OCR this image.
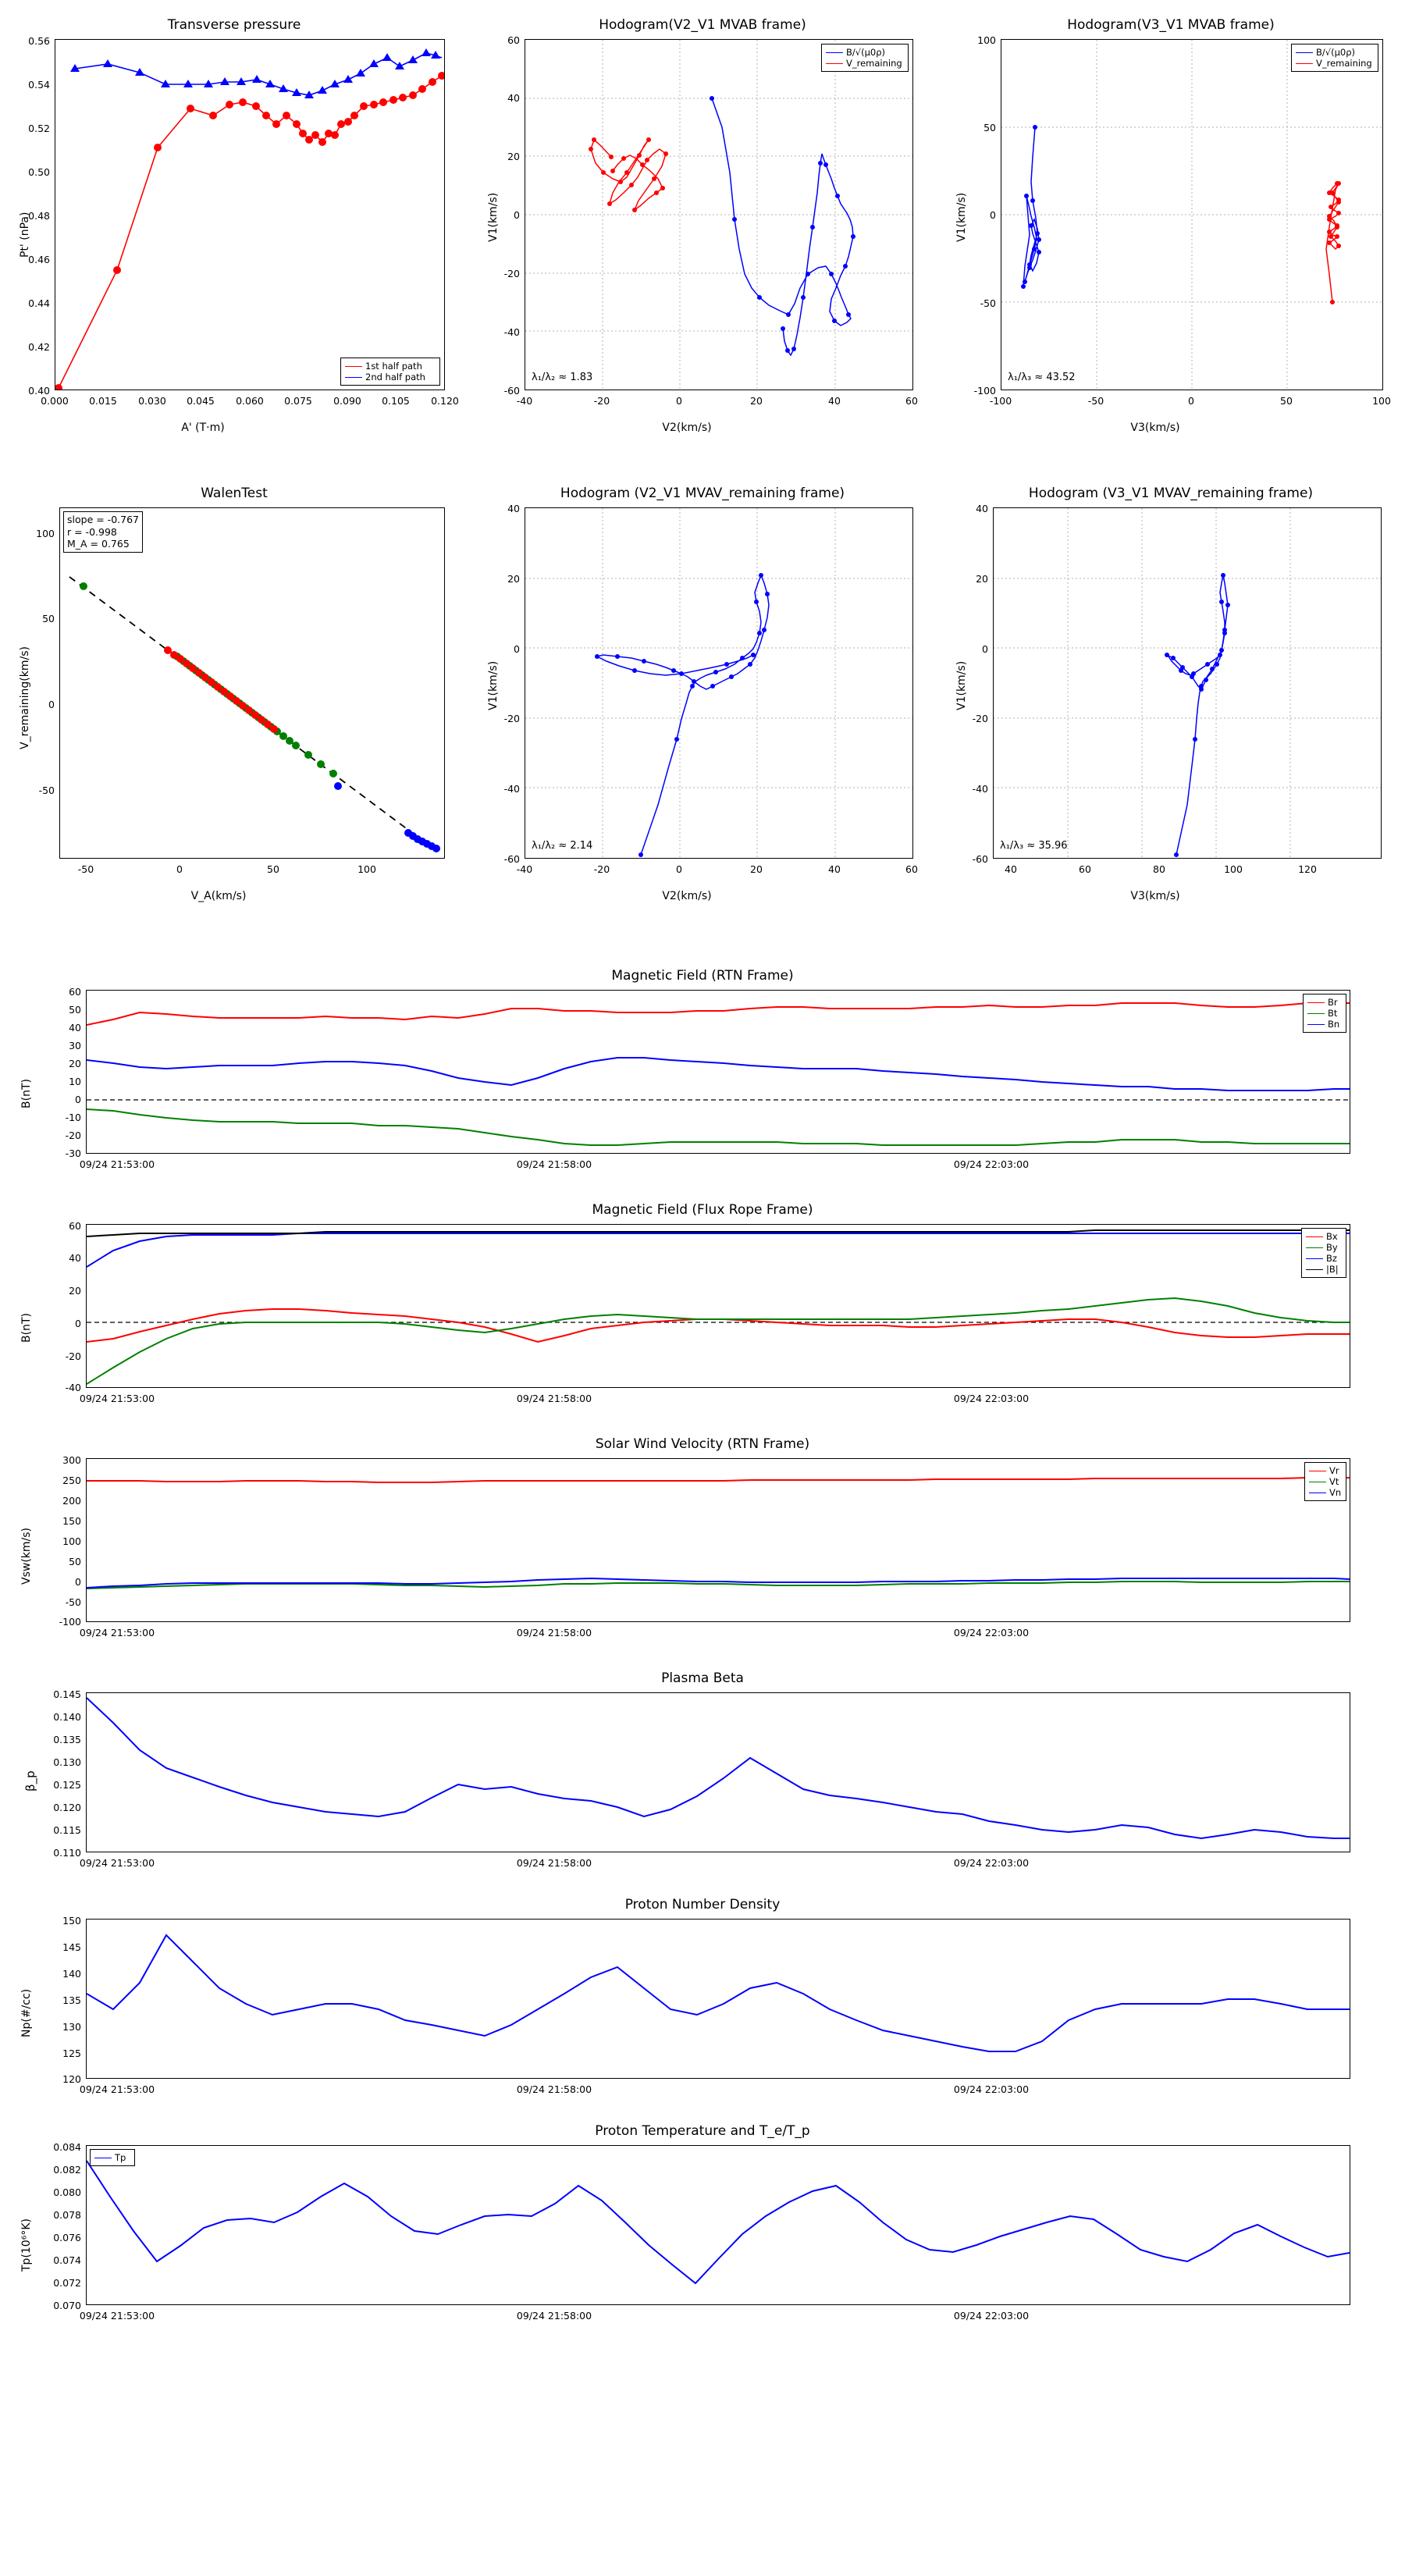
Transverse pressure
Pt' (nPa)
A' (T·m)
1st half path
2nd half path
0.40
0.42
0.44
0.46
0.48
0.50
0.52
0.54
0.56
0.000	0.015	0.030	0.045	0.060	0.075	0.090	0.105	0.120
Hodogram(V2_V1 MVAB frame)
V1(km/s)
V2(km/s)
B/√(μ0ρ)
V_remaining
λ₁/λ₂ ≈ 1.83
-60
-40
-20
0
20
40
60
-40	-20	0	20	40	60
Hodogram(V3_V1 MVAB frame)
V1(km/s)
V3(km/s)
B/√(μ0ρ)
V_remaining
λ₁/λ₃ ≈ 43.52
-100
-50
0
50
100
-100	-50	0	50	100
WalenTest
V_remaining(km/s)
V_A(km/s)
slope = -0.767
r = -0.998
M_A = 0.765
-50
0
50
100
-50	0	50	100
Hodogram (V2_V1 MVAV_remaining frame)
V1(km/s)
V2(km/s)
λ₁/λ₂ ≈ 2.14
-60
-40
-20
0
20
40
-40	-20	0	20	40	60
Hodogram (V3_V1 MVAV_remaining frame)
V1(km/s)
V3(km/s)
λ₁/λ₃ ≈ 35.96
-60
-40
-20
0
20
40
40	60	80	100	120
Magnetic Field (RTN Frame)
B(nT)
Br
Bt
Bn
60
50
40
30
20
10
0
-10
-20
-30
09/24 21:53:00	09/24 21:58:00	09/24 22:03:00
Magnetic Field (Flux Rope Frame)
B(nT)
Bx
By
Bz
|B|
60
40
20
0
-20
-40
09/24 21:53:00	09/24 21:58:00	09/24 22:03:00
Solar Wind Velocity (RTN Frame)
Vsw(km/s)
Vr
Vt
Vn
300
250
200
150
100
50
0
-50
-100
09/24 21:53:00	09/24 21:58:00	09/24 22:03:00
Plasma Beta
β_p
0.145
0.140
0.135
0.130
0.125
0.120
0.115
0.110
09/24 21:53:00	09/24 21:58:00	09/24 22:03:00
Proton Number Density
Np(#/cc)
150
145
140
135
130
125
120
09/24 21:53:00	09/24 21:58:00	09/24 22:03:00
Proton Temperature and T_e/T_p
Tp(10⁶°K)
Tp
0.084
0.082
0.080
0.078
0.076
0.074
0.072
0.070
09/24 21:53:00	09/24 21:58:00	09/24 22:03:00
